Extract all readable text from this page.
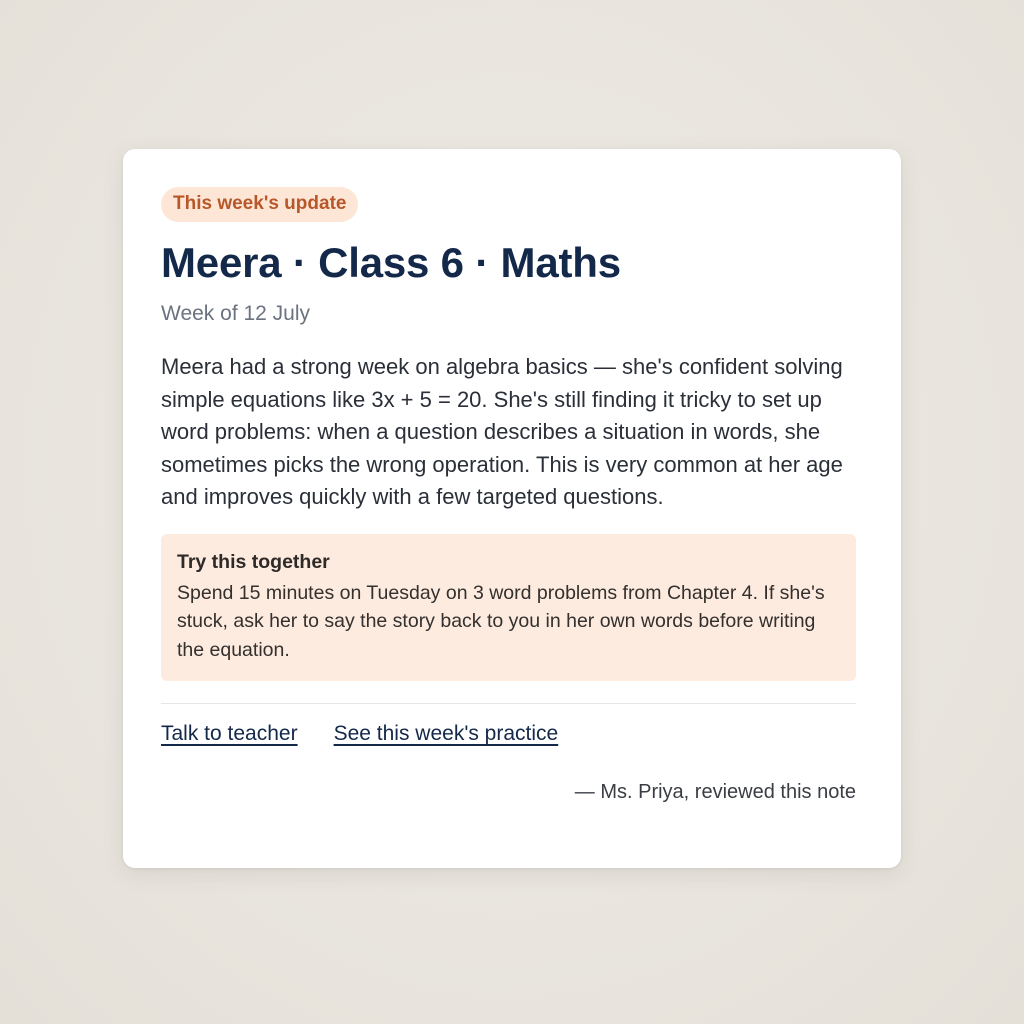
This week's update
Meera · Class 6 · Maths
Week of 12 July

Meera had a strong week on algebra basics — she's confident solving simple equations like 3x + 5 = 20. She's still finding it tricky to set up word problems: when a question describes a situation in words, she sometimes picks the wrong operation. This is very common at her age and improves quickly with a few targeted questions.

Try this together
Spend 15 minutes on Tuesday on 3 word problems from Chapter 4. If she's stuck, ask her to say the story back to you in her own words before writing the equation.
Talk to teacher See this week's practice
— Ms. Priya, reviewed this note
